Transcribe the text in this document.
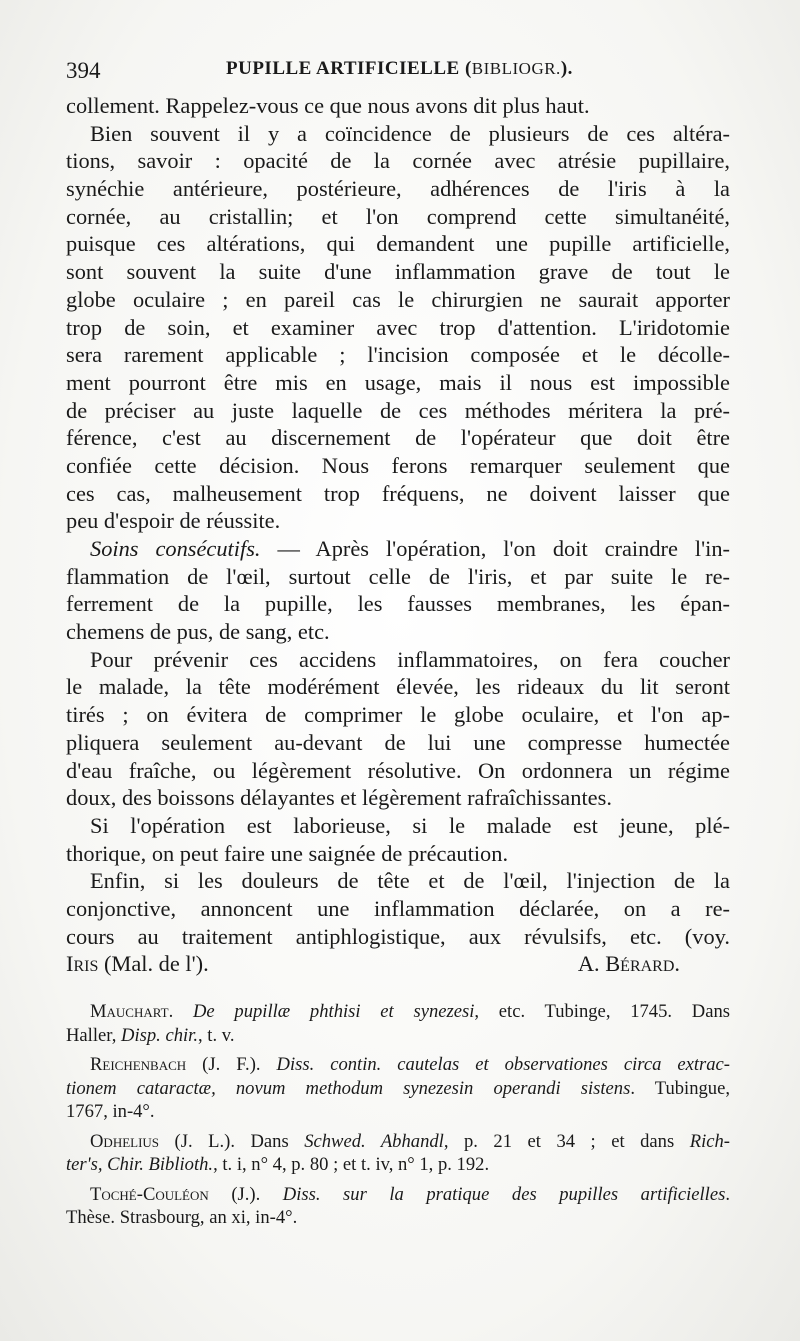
394	PUPILLE ARTIFICIELLE (BIBLIOGR.).
collement. Rappelez-vous ce que nous avons dit plus haut.
Bien souvent il y a coïncidence de plusieurs de ces altéra-
tions, savoir : opacité de la cornée avec atrésie pupillaire,
synéchie antérieure, postérieure, adhérences de l'iris à la
cornée, au cristallin; et l'on comprend cette simultanéité,
puisque ces altérations, qui demandent une pupille artificielle,
sont souvent la suite d'une inflammation grave de tout le
globe oculaire ; en pareil cas le chirurgien ne saurait apporter
trop de soin, et examiner avec trop d'attention. L'iridotomie
sera rarement applicable ; l'incision composée et le décolle-
ment pourront être mis en usage, mais il nous est impossible
de préciser au juste laquelle de ces méthodes méritera la pré-
férence, c'est au discernement de l'opérateur que doit être
confiée cette décision. Nous ferons remarquer seulement que
ces cas, malheusement trop fréquens, ne doivent laisser que
peu d'espoir de réussite.
Soins consécutifs. — Après l'opération, l'on doit craindre l'in-
flammation de l'œil, surtout celle de l'iris, et par suite le re-
ferrement de la pupille, les fausses membranes, les épan-
chemens de pus, de sang, etc.
Pour prévenir ces accidens inflammatoires, on fera coucher
le malade, la tête modérément élevée, les rideaux du lit seront
tirés ; on évitera de comprimer le globe oculaire, et l'on ap-
pliquera seulement au-devant de lui une compresse humectée
d'eau fraîche, ou légèrement résolutive. On ordonnera un régime
doux, des boissons délayantes et légèrement rafraîchissantes.
Si l'opération est laborieuse, si le malade est jeune, plé-
thorique, on peut faire une saignée de précaution.
Enfin, si les douleurs de tête et de l'œil, l'injection de la
conjonctive, annoncent une inflammation déclarée, on a re-
cours au traitement antiphlogistique, aux révulsifs, etc. (voy.
Iris (Mal. de l').	A. Bérard.
Mauchart. De pupillæ phthisi et synezesi, etc. Tubinge, 1745. Dans
Haller, Disp. chir., t. v.
Reichenbach (J. F.). Diss. contin. cautelas et observationes circa extrac-
tionem cataractæ, novum methodum synezesin operandi sistens. Tubingue,
1767, in-4°.
Odhelius (J. L.). Dans Schwed. Abhandl, p. 21 et 34 ; et dans Rich-
ter's, Chir. Biblioth., t. i, n° 4, p. 80 ; et t. iv, n° 1, p. 192.
Toché-Couléon (J.). Diss. sur la pratique des pupilles artificielles.
Thèse. Strasbourg, an xi, in-4°.
